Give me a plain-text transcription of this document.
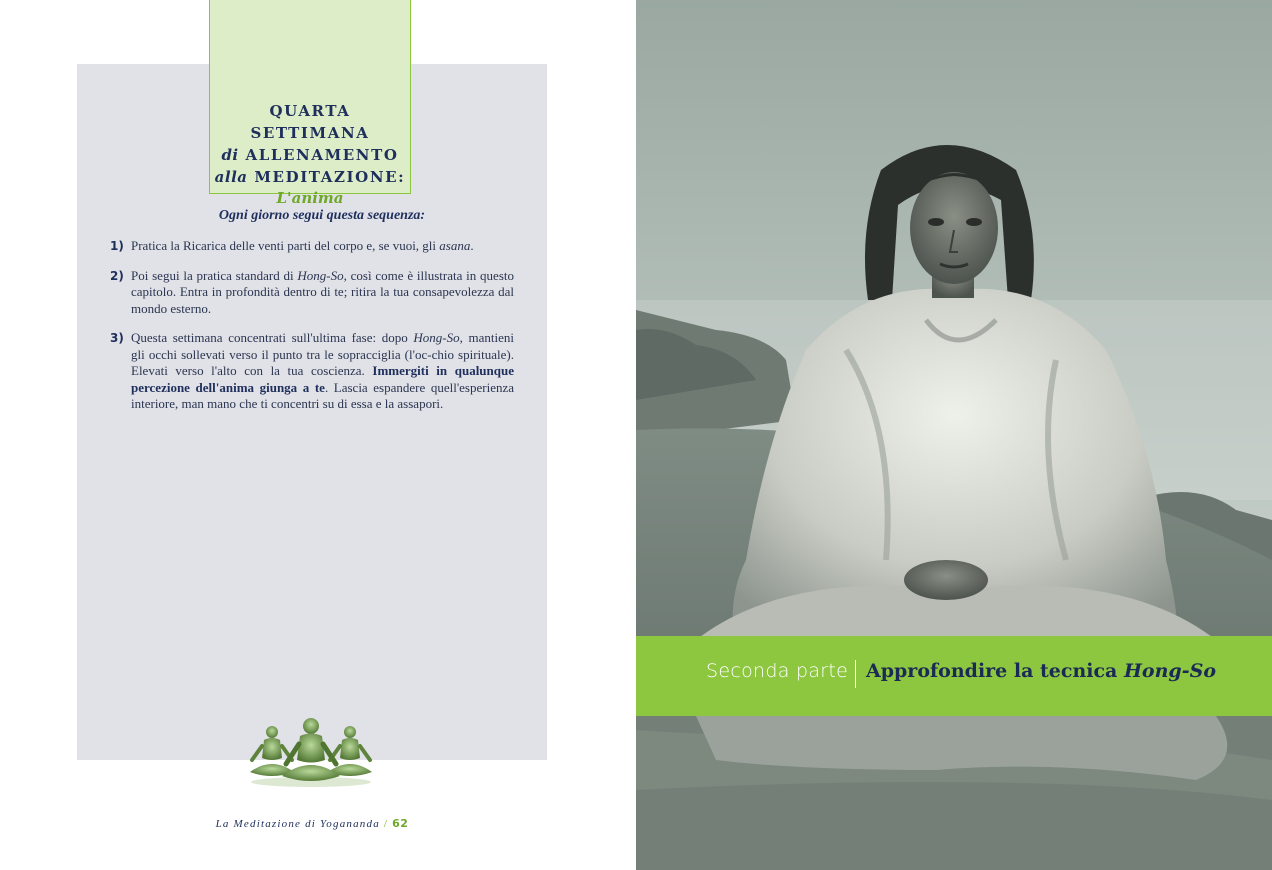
QUARTA SETTIMANA
di ALLENAMENTO
alla MEDITAZIONE:
L'anima
Ogni giorno segui questa sequenza:
1) Pratica la Ricarica delle venti parti del corpo e, se vuoi, gli asana.
2) Poi segui la pratica standard di Hong-So, così come è illustrata in questo capitolo. Entra in profondità dentro di te; ritira la tua consapevolezza dal mondo esterno.
3) Questa settimana concentrati sull'ultima fase: dopo Hong-So, mantieni gli occhi sollevati verso il punto tra le sopracciglia (l'oc-chio spirituale). Elevati verso l'alto con la tua coscienza. Immergiti in qualunque percezione dell'anima giunga a te. Lascia espandere quell'esperienza interiore, man mano che ti concentri su di essa e la assapori.
La Meditazione di Yogananda / 62
Seconda parte Approfondire la tecnica Hong-So
